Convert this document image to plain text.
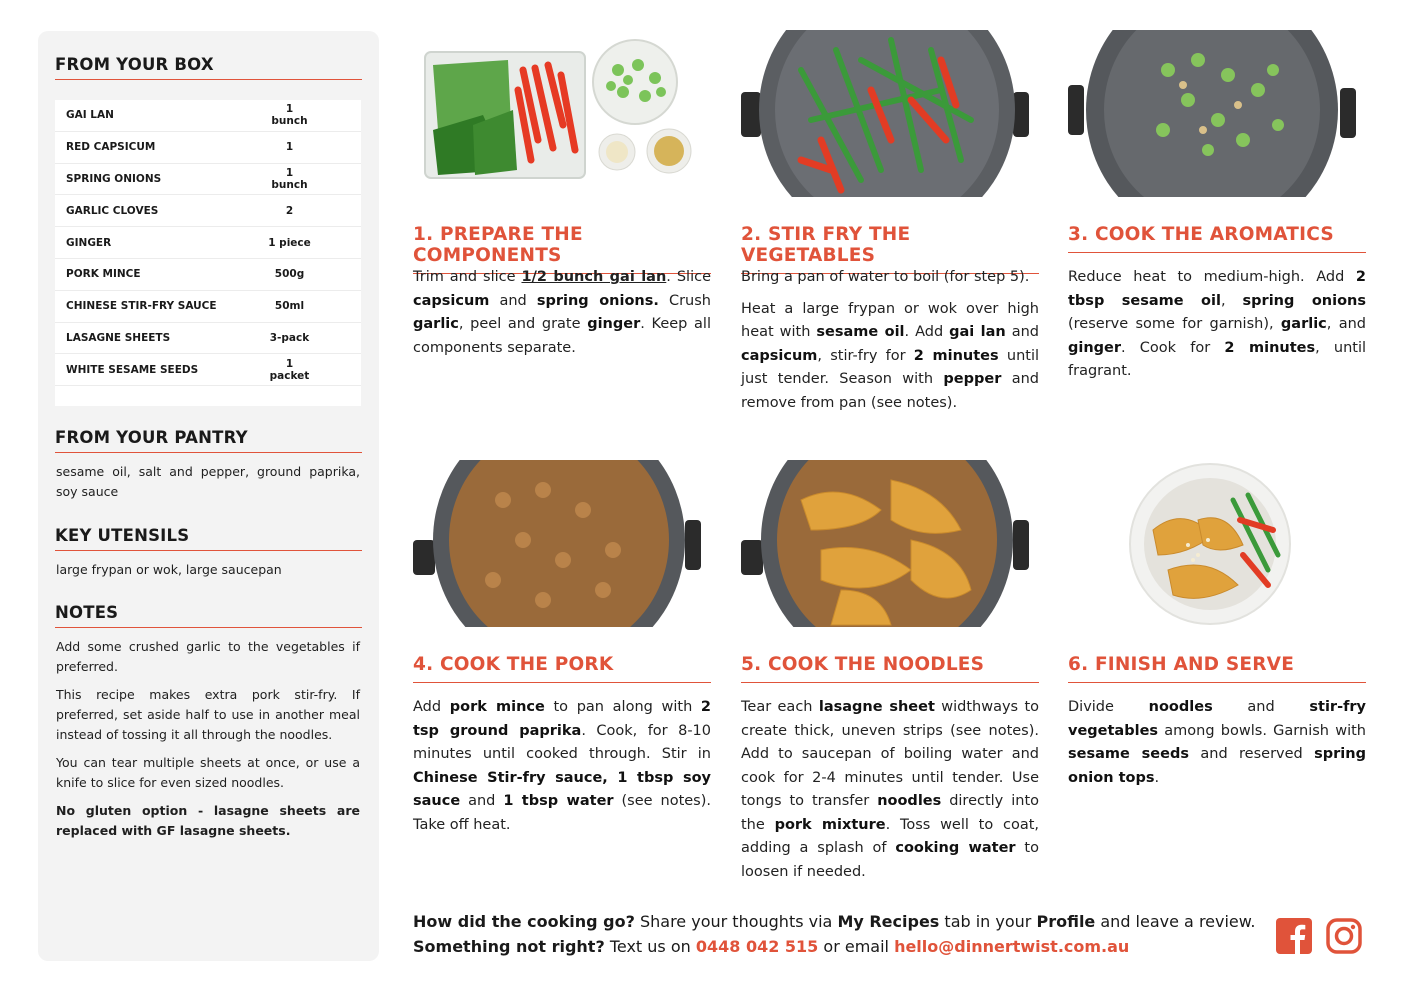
FROM YOUR BOX
GAI LAN	1 bunch
RED CAPSICUM	1
SPRING ONIONS	1 bunch
GARLIC CLOVES	2
GINGER	1 piece
PORK MINCE	500g
CHINESE STIR-FRY SAUCE	50ml
LASAGNE SHEETS	3-pack
WHITE SESAME SEEDS	1 packet
FROM YOUR PANTRY
sesame oil, salt and pepper, ground paprika, soy sauce
KEY UTENSILS
large frypan or wok, large saucepan
NOTES

Add some crushed garlic to the vegetables if preferred.

This recipe makes extra pork stir-fry. If preferred, set aside half to use in another meal instead of tossing it all through the noodles.

You can tear multiple sheets at once, or use a knife to slice for even sized noodles.

No gluten option - lasagne sheets are replaced with GF lasagne sheets.

1. PREPARE THE COMPONENTS
2. STIR FRY THE VEGETABLES
3. COOK THE AROMATICS
4. COOK THE PORK	5. COOK THE NOODLES	6. FINISH AND SERVE

Trim and slice 1/2 bunch gai lan. Slice capsicum and spring onions. Crush garlic, peel and grate ginger. Keep all components separate.

Bring a pan of water to boil (for step 5).

Heat a large frypan or wok over high heat with sesame oil. Add gai lan and capsicum, stir-fry for 2 minutes until just tender. Season with pepper and remove from pan (see notes).

Reduce heat to medium-high. Add 2 tbsp sesame oil, spring onions (reserve some for garnish), garlic, and ginger. Cook for 2 minutes, until fragrant.

Add pork mince to pan along with 2 tsp ground paprika. Cook, for 8-10 minutes until cooked through. Stir in Chinese Stir-fry sauce, 1 tbsp soy sauce and 1 tbsp water (see notes). Take off heat.

Tear each lasagne sheet widthways to create thick, uneven strips (see notes). Add to saucepan of boiling water and cook for 2-4 minutes until tender. Use tongs to transfer noodles directly into the pork mixture. Toss well to coat, adding a splash of cooking water to loosen if needed.

Divide noodles and stir-fry vegetables among bowls. Garnish with sesame seeds and reserved spring onion tops.

How did the cooking go? Share your thoughts via My Recipes tab in your Profile and leave a review.
Something not right? Text us on 0448 042 515 or email hello@dinnertwist.com.au
